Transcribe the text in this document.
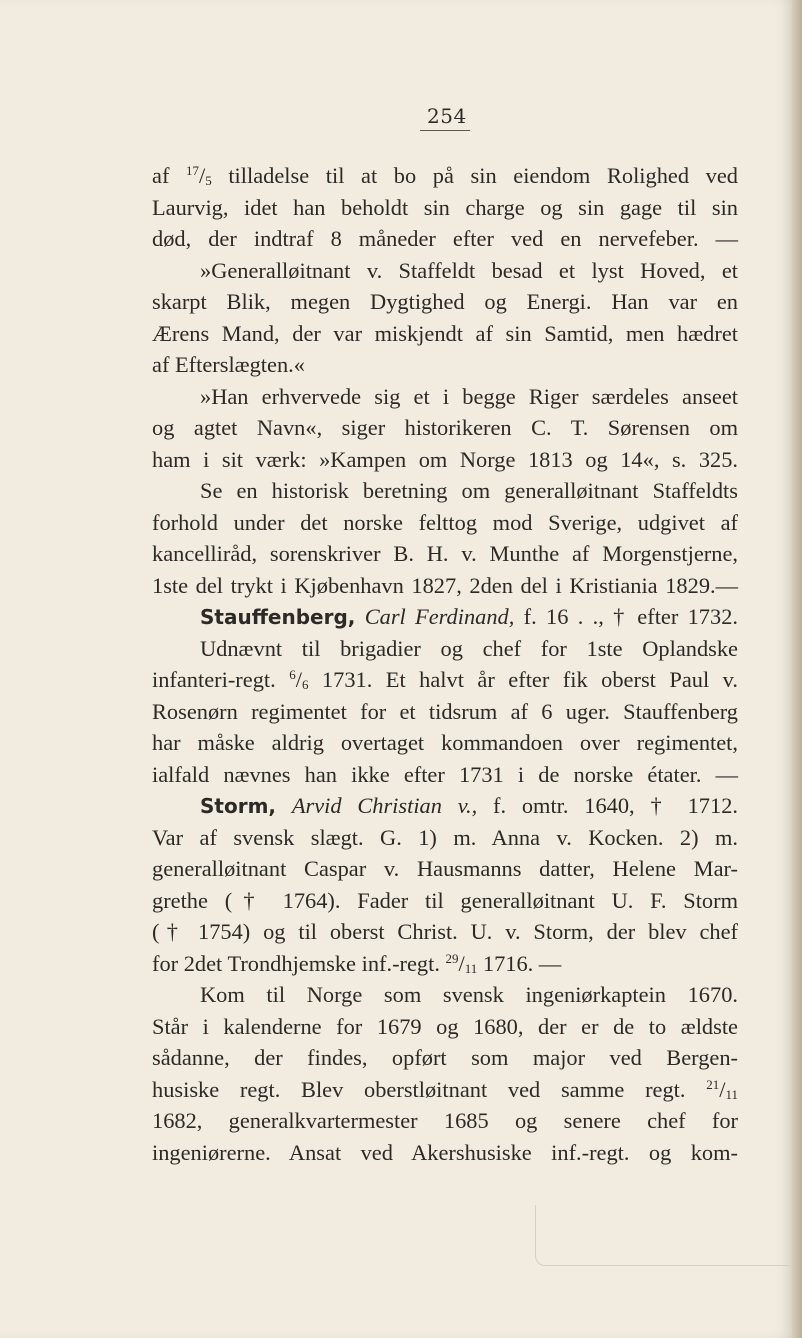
254
af $^{17}/_5$ tilladelse til at bo på sin eiendom Rolighed ved
Laurvig, idet han beholdt sin charge og sin gage til sin
død, der indtraf 8 måneder efter ved en nervefeber. —
»Generalløitnant v. Staffeldt besad et lyst Hoved, et
skarpt Blik, megen Dygtighed og Energi. Han var en
Ærens Mand, der var miskjendt af sin Samtid, men hædret
af Efterslægten.«
»Han erhvervede sig et i begge Riger særdeles anseet
og agtet Navn«, siger historikeren C. T. Sørensen om
ham i sit værk: »Kampen om Norge 1813 og 14«, s. 325.
Se en historisk beretning om generalløitnant Staffeldts
forhold under det norske felttog mod Sverige, udgivet af
kancelliråd, sorenskriver B. H. v. Munthe af Morgenstjerne,
1ste del trykt i Kjøbenhavn 1827, 2den del i Kristiania 1829.—
Stauffenberg, Carl Ferdinand, f. 16 . ., † efter 1732.
Udnævnt til brigadier og chef for 1ste Oplandske
infanteri-regt. $^6/_6$ 1731. Et halvt år efter fik oberst Paul v.
Rosenørn regimentet for et tidsrum af 6 uger. Stauffenberg
har måske aldrig overtaget kommandoen over regimentet,
ialfald nævnes han ikke efter 1731 i de norske étater. —
Storm, Arvid Christian v., f. omtr. 1640, † 1712.
Var af svensk slægt. G. 1) m. Anna v. Kocken. 2) m.
generalløitnant Caspar v. Hausmanns datter, Helene Mar-
grethe († 1764). Fader til generalløitnant U. F. Storm
(† 1754) og til oberst Christ. U. v. Storm, der blev chef
for 2det Trondhjemske inf.-regt. $^{29}/_{11}$ 1716. —
Kom til Norge som svensk ingeniørkaptein 1670.
Står i kalenderne for 1679 og 1680, der er de to ældste
sådanne, der findes, opført som major ved Bergen-
husiske regt. Blev oberstløitnant ved samme regt. $^{21}/_{11}$
1682, generalkvartermester 1685 og senere chef for
ingeniørerne. Ansat ved Akershusiske inf.-regt. og kom-
